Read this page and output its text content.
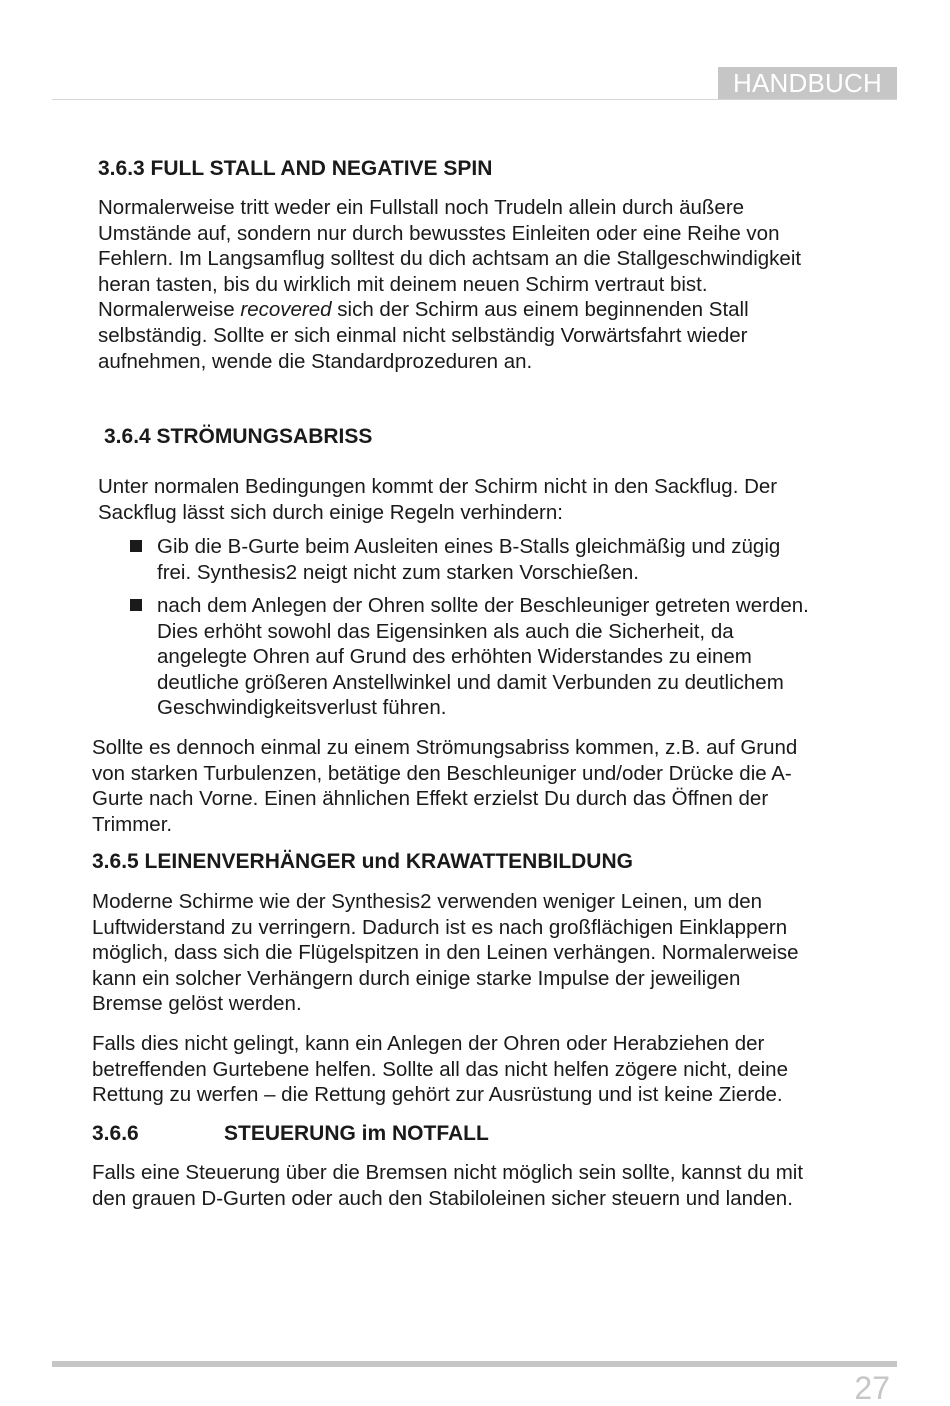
HANDBUCH
3.6.3 FULL STALL AND NEGATIVE SPIN

Normalerweise tritt weder ein Fullstall noch Trudeln allein durch äußere
Umstände auf, sondern nur durch bewusstes Einleiten oder eine Reihe von
Fehlern. Im Langsamflug solltest du dich achtsam an die Stallgeschwindigkeit
heran tasten, bis du wirklich mit deinem neuen Schirm vertraut bist.
Normalerweise recovered sich der Schirm aus einem beginnenden Stall
selbständig. Sollte er sich einmal nicht selbständig Vorwärtsfahrt wieder
aufnehmen, wende die Standardprozeduren an.

3.6.4 STRÖMUNGSABRISS

Unter normalen Bedingungen kommt der Schirm nicht in den Sackflug. Der
Sackflug lässt sich durch einige Regeln verhindern:

Gib die B-Gurte beim Ausleiten eines B-Stalls gleichmäßig und zügig
frei. Synthesis2 neigt nicht zum starken Vorschießen.

nach dem Anlegen der Ohren sollte der Beschleuniger getreten werden.
Dies erhöht sowohl das Eigensinken als auch die Sicherheit, da
angelegte Ohren auf Grund des erhöhten Widerstandes zu einem
deutliche größeren Anstellwinkel und damit Verbunden zu deutlichem
Geschwindigkeitsverlust führen.

Sollte es dennoch einmal zu einem Strömungsabriss kommen, z.B. auf Grund
von starken Turbulenzen, betätige den Beschleuniger und/oder Drücke die A-
Gurte nach Vorne. Einen ähnlichen Effekt erzielst Du durch das Öffnen der
Trimmer.

3.6.5 LEINENVERHÄNGER und KRAWATTENBILDUNG

Moderne Schirme wie der Synthesis2 verwenden weniger Leinen, um den
Luftwiderstand zu verringern. Dadurch ist es nach großflächigen Einklappern
möglich, dass sich die Flügelspitzen in den Leinen verhängen. Normalerweise
kann ein solcher Verhängern durch einige starke Impulse der jeweiligen
Bremse gelöst werden.

Falls dies nicht gelingt, kann ein Anlegen der Ohren oder Herabziehen der
betreffenden Gurtebene helfen. Sollte all das nicht helfen zögere nicht, deine
Rettung zu werfen – die Rettung gehört zur Ausrüstung und ist keine Zierde.

3.6.6	STEUERUNG im NOTFALL

Falls eine Steuerung über die Bremsen nicht möglich sein sollte, kannst du mit
den grauen D-Gurten oder auch den Stabiloleinen sicher steuern und landen.

27
